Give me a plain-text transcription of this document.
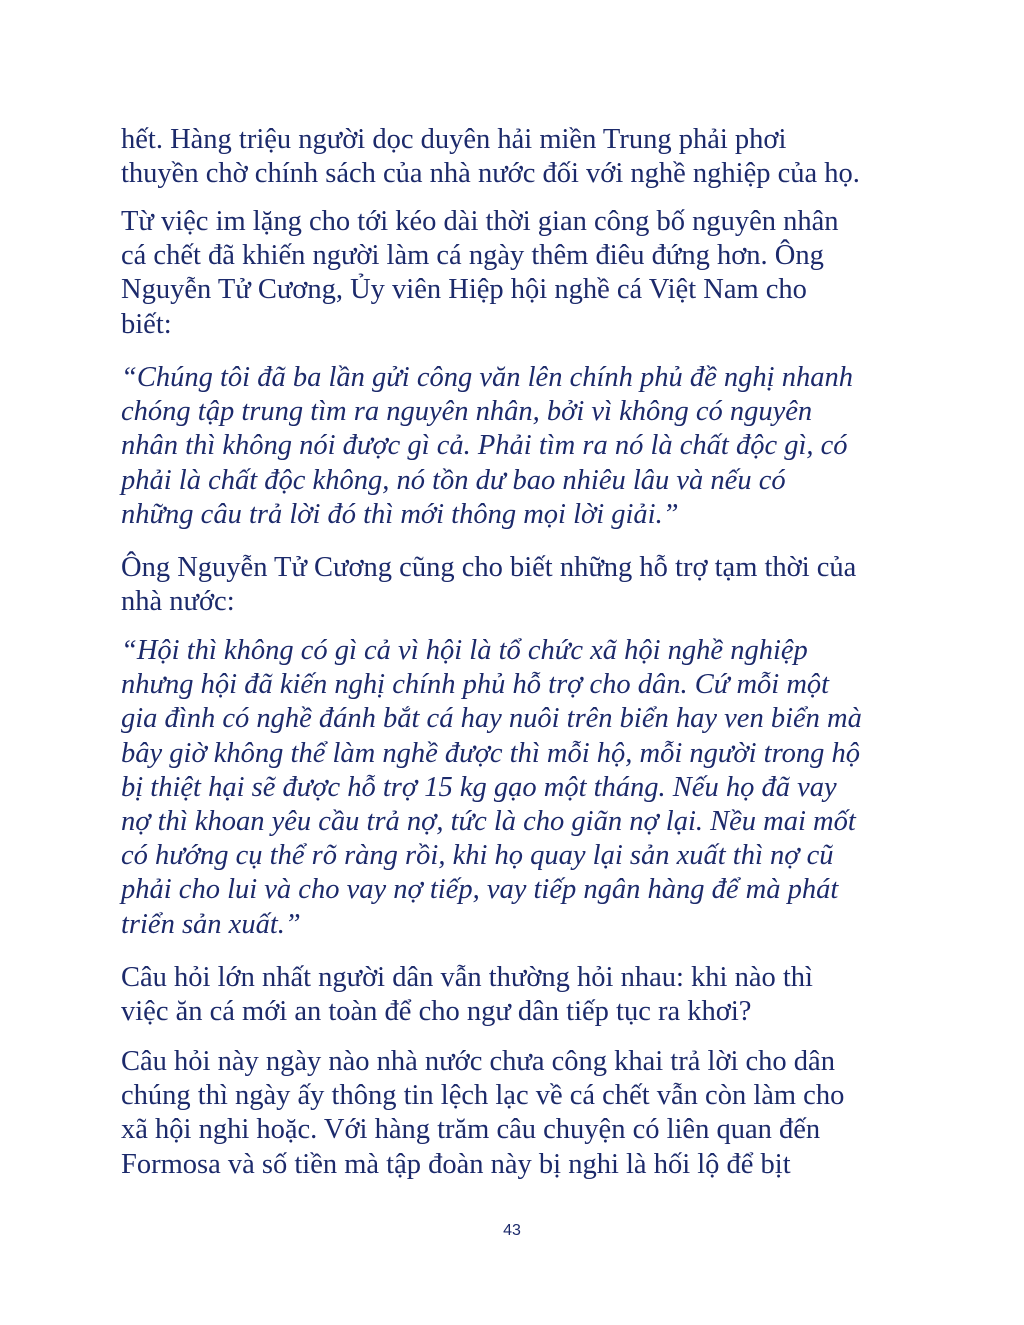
hết. Hàng triệu người dọc duyên hải miền Trung phải phơi
thuyền chờ chính sách của nhà nước đối với nghề nghiệp của họ.

Từ việc im lặng cho tới kéo dài thời gian công bố nguyên nhân
cá chết đã khiến người làm cá ngày thêm điêu đứng hơn. Ông
Nguyễn Tử Cương, Ủy viên Hiệp hội nghề cá Việt Nam cho
biết:

“Chúng tôi đã ba lần gửi công văn lên chính phủ đề nghị nhanh
chóng tập trung tìm ra nguyên nhân, bởi vì không có nguyên
nhân thì không nói được gì cả. Phải tìm ra nó là chất độc gì, có
phải là chất độc không, nó tồn dư bao nhiêu lâu và nếu có
những câu trả lời đó thì mới thông mọi lời giải.”

Ông Nguyễn Tử Cương cũng cho biết những hỗ trợ tạm thời của
nhà nước:

“Hội thì không có gì cả vì hội là tổ chức xã hội nghề nghiệp
nhưng hội đã kiến nghị chính phủ hỗ trợ cho dân. Cứ mỗi một
gia đình có nghề đánh bắt cá hay nuôi trên biển hay ven biển mà
bây giờ không thể làm nghề được thì mỗi hộ, mỗi người trong hộ
bị thiệt hại sẽ được hỗ trợ 15 kg gạo một tháng. Nếu họ đã vay
nợ thì khoan yêu cầu trả nợ, tức là cho giãn nợ lại. Nều mai mốt
có hướng cụ thể rõ ràng rồi, khi họ quay lại sản xuất thì nợ cũ
phải cho lui và cho vay nợ tiếp, vay tiếp ngân hàng để mà phát
triển sản xuất.”

Câu hỏi lớn nhất người dân vẫn thường hỏi nhau: khi nào thì
việc ăn cá mới an toàn để cho ngư dân tiếp tục ra khơi?

Câu hỏi này ngày nào nhà nước chưa công khai trả lời cho dân
chúng thì ngày ấy thông tin lệch lạc về cá chết vẫn còn làm cho
xã hội nghi hoặc. Với hàng trăm câu chuyện có liên quan đến
Formosa và số tiền mà tập đoàn này bị nghi là hối lộ để bịt

43
